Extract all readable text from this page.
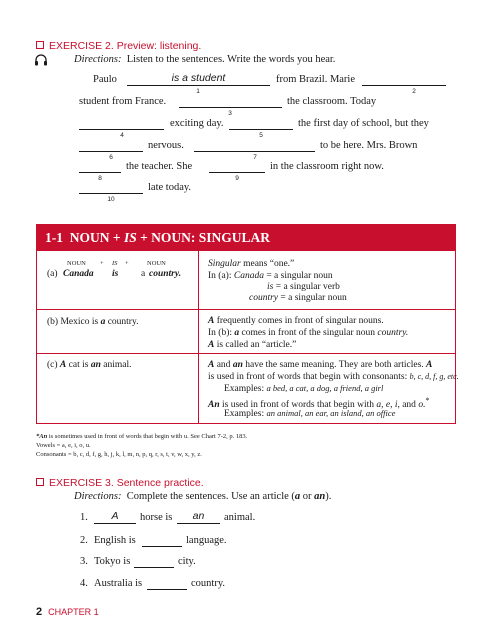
EXERCISE 2. Preview: listening.
Directions: Listen to the sentences. Write the words you hear.
Paulo	is a student
1
from Brazil. Marie
2
student from France.
3
the classroom. Today
4
exciting day.
5
the first day of school, but they
6
nervous.
7
to be here. Mrs. Brown
8
the teacher. She
9
in the classroom right now.
10
late today.
1-1 NOUN + IS + NOUN: SINGULAR
NOUN + IS +	NOUN
(a) Canada is a country.
Singular means “one.”
In (a): Canada = a singular noun
is = a singular verb
country = a singular noun
(b) Mexico is a country.	A frequently comes in front of singular nouns.
In (b): a comes in front of the singular noun country.
A is called an “article.”
(c) A cat is an animal.	A and an have the same meaning. They are both articles. A
is used in front of words that begin with consonants: b, c, d, f, g, etc.
Examples: a bed, a cat, a dog, a friend, a girl
An is used in front of words that begin with a, e, i, and o.*
Examples: an animal, an ear, an island, an office
*An is sometimes used in front of words that begin with u. See Chart 7-2, p. 183.
Vowels = a, e, i, o, u.
Consonants = b, c, d, f, g, h, j, k, l, m, n, p, q, r, s, t, v, w, x, y, z.
EXERCISE 3. Sentence practice.
Directions: Complete the sentences. Use an article (a or an).
1.	A	horse is	an	animal.
2. English is	language.
3. Tokyo is	city.
4. Australia is	country.
2 CHAPTER 1
